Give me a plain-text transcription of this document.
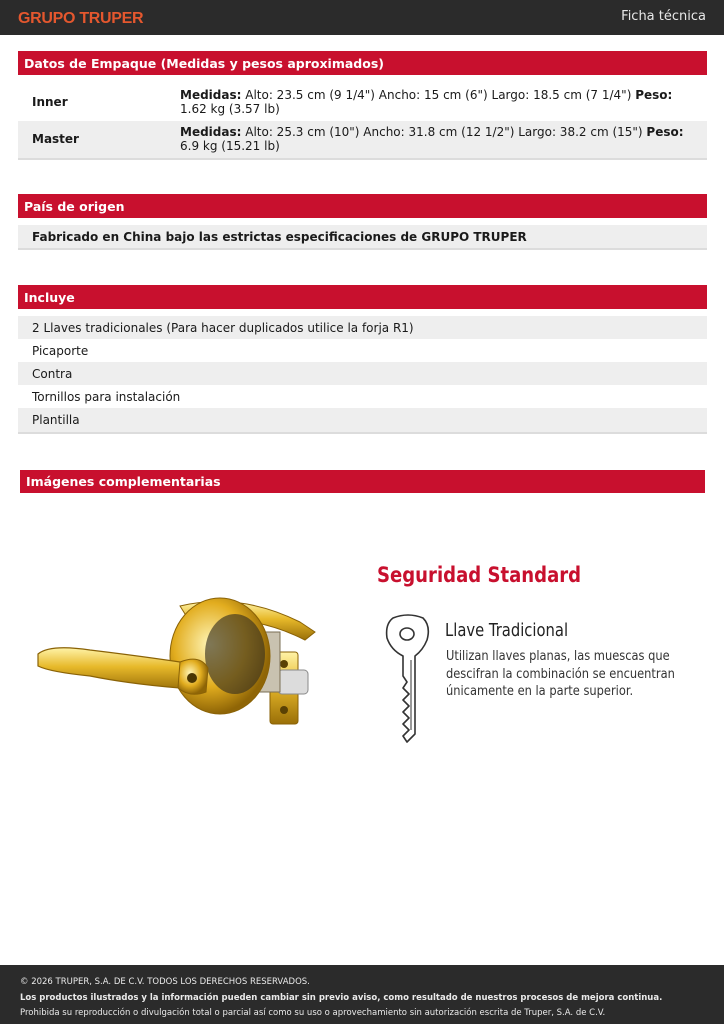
GRUPO TRUPER	Ficha técnica
Datos de Empaque (Medidas y pesos aproximados)
Inner	Medidas: Alto: 23.5 cm (9 1/4") Ancho: 15 cm (6") Largo: 18.5 cm (7 1/4") Peso: 1.62 kg (3.57 lb)
Master	Medidas: Alto: 25.3 cm (10") Ancho: 31.8 cm (12 1/2") Largo: 38.2 cm (15") Peso: 6.9 kg (15.21 lb)
País de origen
Fabricado en China bajo las estrictas especificaciones de GRUPO TRUPER
Incluye
2 Llaves tradicionales (Para hacer duplicados utilice la forja R1)
Picaporte
Contra
Tornillos para instalación
Plantilla
Imágenes complementarias
Seguridad Standard
Llave Tradicional
Utilizan llaves planas, las muescas que
descifran la combinación se encuentran
únicamente en la parte superior.
© 2026 TRUPER, S.A. DE C.V. TODOS LOS DERECHOS RESERVADOS.
Los productos ilustrados y la información pueden cambiar sin previo aviso, como resultado de nuestros procesos de mejora continua.
Prohibida su reproducción o divulgación total o parcial así como su uso o aprovechamiento sin autorización escrita de Truper, S.A. de C.V.
